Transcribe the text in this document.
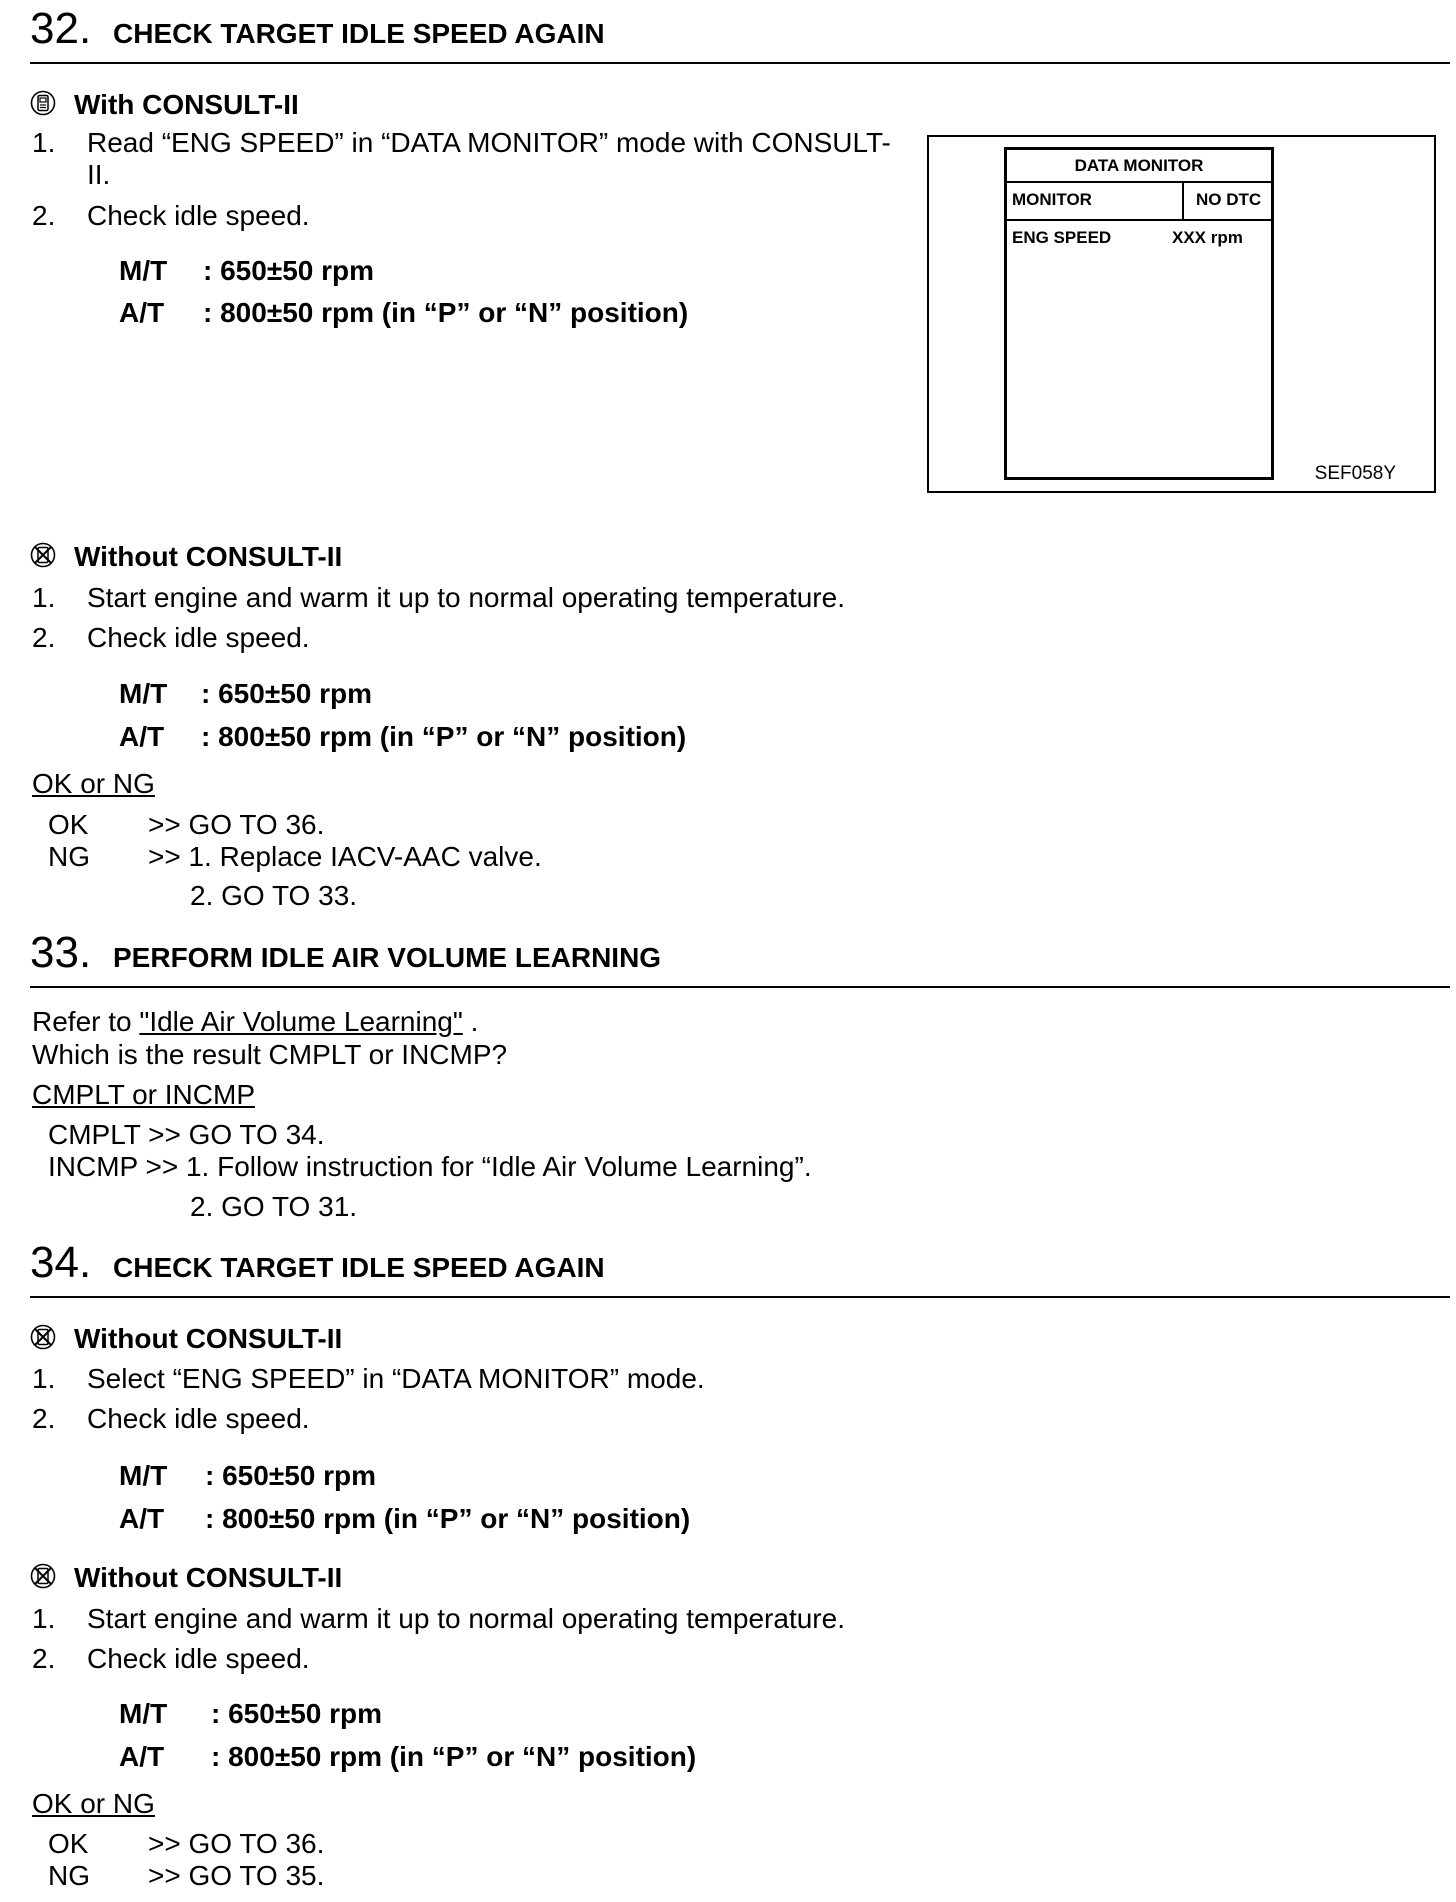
32. CHECK TARGET IDLE SPEED AGAIN
With CONSULT-II
1. Read “ENG SPEED” in “DATA MONITOR” mode with CONSULT-
II.
2. Check idle speed.
M/T : 650±50 rpm
A/T : 800±50 rpm (in “P” or “N” position)
DATA MONITOR
MONITOR	NO DTC
ENG SPEED	XXX rpm
SEF058Y
Without CONSULT-II
1. Start engine and warm it up to normal operating temperature.
2. Check idle speed.
M/T : 650±50 rpm
A/T : 800±50 rpm (in “P” or “N” position)
OK or NG
OK >> GO TO 36.
NG >> 1. Replace IACV-AAC valve.
2. GO TO 33.
33. PERFORM IDLE AIR VOLUME LEARNING
Refer to "Idle Air Volume Learning" .
Which is the result CMPLT or INCMP?
CMPLT or INCMP
CMPLT >> GO TO 34.
INCMP >> 1. Follow instruction for “Idle Air Volume Learning”.
2. GO TO 31.
34. CHECK TARGET IDLE SPEED AGAIN
Without CONSULT-II
1. Select “ENG SPEED” in “DATA MONITOR” mode.
2. Check idle speed.
M/T : 650±50 rpm
A/T : 800±50 rpm (in “P” or “N” position)
Without CONSULT-II
1. Start engine and warm it up to normal operating temperature.
2. Check idle speed.
M/T : 650±50 rpm
A/T : 800±50 rpm (in “P” or “N” position)
OK or NG
OK >> GO TO 36.
NG >> GO TO 35.
